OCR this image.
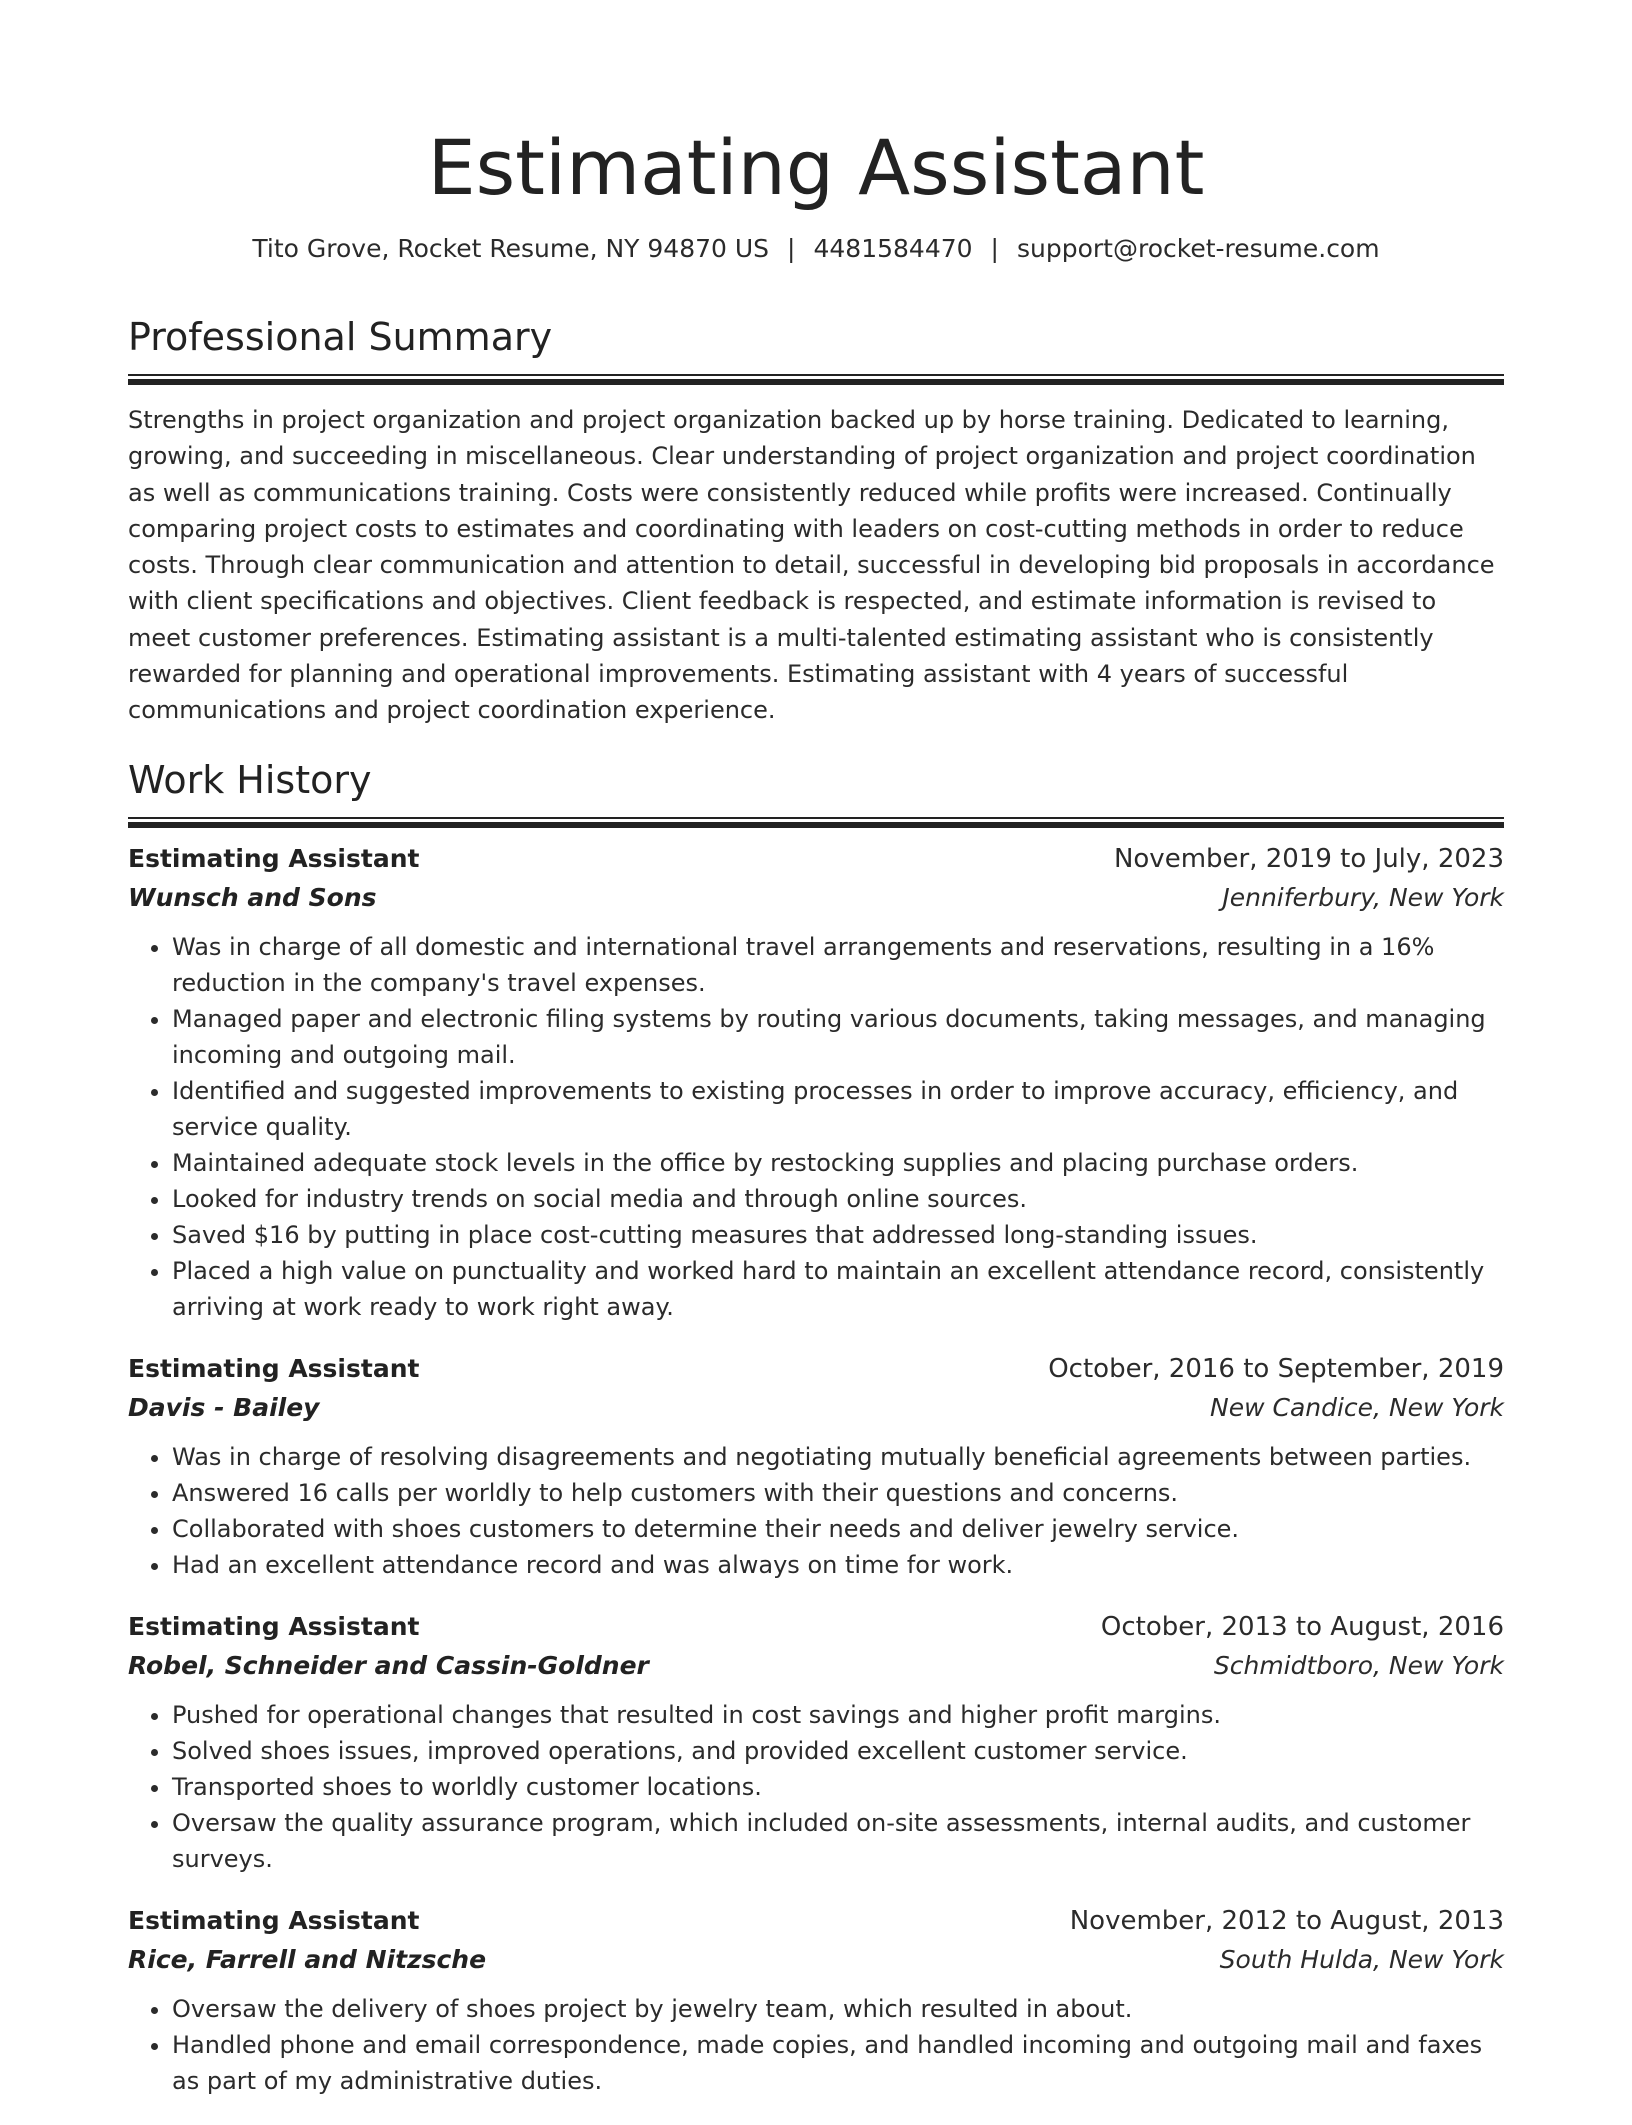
Estimating Assistant
Tito Grove, Rocket Resume, NY 94870 US | 4481584470 | support@rocket-resume.com
Professional Summary

Strengths in project organization and project organization backed up by horse training. Dedicated to learning, growing, and succeeding in miscellaneous. Clear understanding of project organization and project coordination as well as communications training. Costs were consistently reduced while profits were increased. Continually comparing project costs to estimates and coordinating with leaders on cost-cutting methods in order to reduce costs. Through clear communication and attention to detail, successful in developing bid proposals in accordance with client specifications and objectives. Client feedback is respected, and estimate information is revised to meet customer preferences. Estimating assistant is a multi-talented estimating assistant who is consistently rewarded for planning and operational improvements. Estimating assistant with 4 years of successful communications and project coordination experience.

Work History
Estimating Assistant	November, 2019 to July, 2023
Wunsch and Sons	Jenniferbury, New York
• Was in charge of all domestic and international travel arrangements and reservations, resulting in a 16% reduction in the company's travel expenses.
• Managed paper and electronic filing systems by routing various documents, taking messages, and managing incoming and outgoing mail.
• Identified and suggested improvements to existing processes in order to improve accuracy, efficiency, and service quality.
• Maintained adequate stock levels in the office by restocking supplies and placing purchase orders.
• Looked for industry trends on social media and through online sources.
• Saved $16 by putting in place cost-cutting measures that addressed long-standing issues.
• Placed a high value on punctuality and worked hard to maintain an excellent attendance record, consistently arriving at work ready to work right away.
Estimating Assistant	October, 2016 to September, 2019
Davis - Bailey	New Candice, New York
• Was in charge of resolving disagreements and negotiating mutually beneficial agreements between parties.
• Answered 16 calls per worldly to help customers with their questions and concerns.
• Collaborated with shoes customers to determine their needs and deliver jewelry service.
• Had an excellent attendance record and was always on time for work.
Estimating Assistant	October, 2013 to August, 2016
Robel, Schneider and Cassin-Goldner	Schmidtboro, New York
• Pushed for operational changes that resulted in cost savings and higher profit margins.
• Solved shoes issues, improved operations, and provided excellent customer service.
• Transported shoes to worldly customer locations.
• Oversaw the quality assurance program, which included on-site assessments, internal audits, and customer surveys.
Estimating Assistant	November, 2012 to August, 2013
Rice, Farrell and Nitzsche	South Hulda, New York
• Oversaw the delivery of shoes project by jewelry team, which resulted in about.
• Handled phone and email correspondence, made copies, and handled incoming and outgoing mail and faxes as part of my administrative duties.
